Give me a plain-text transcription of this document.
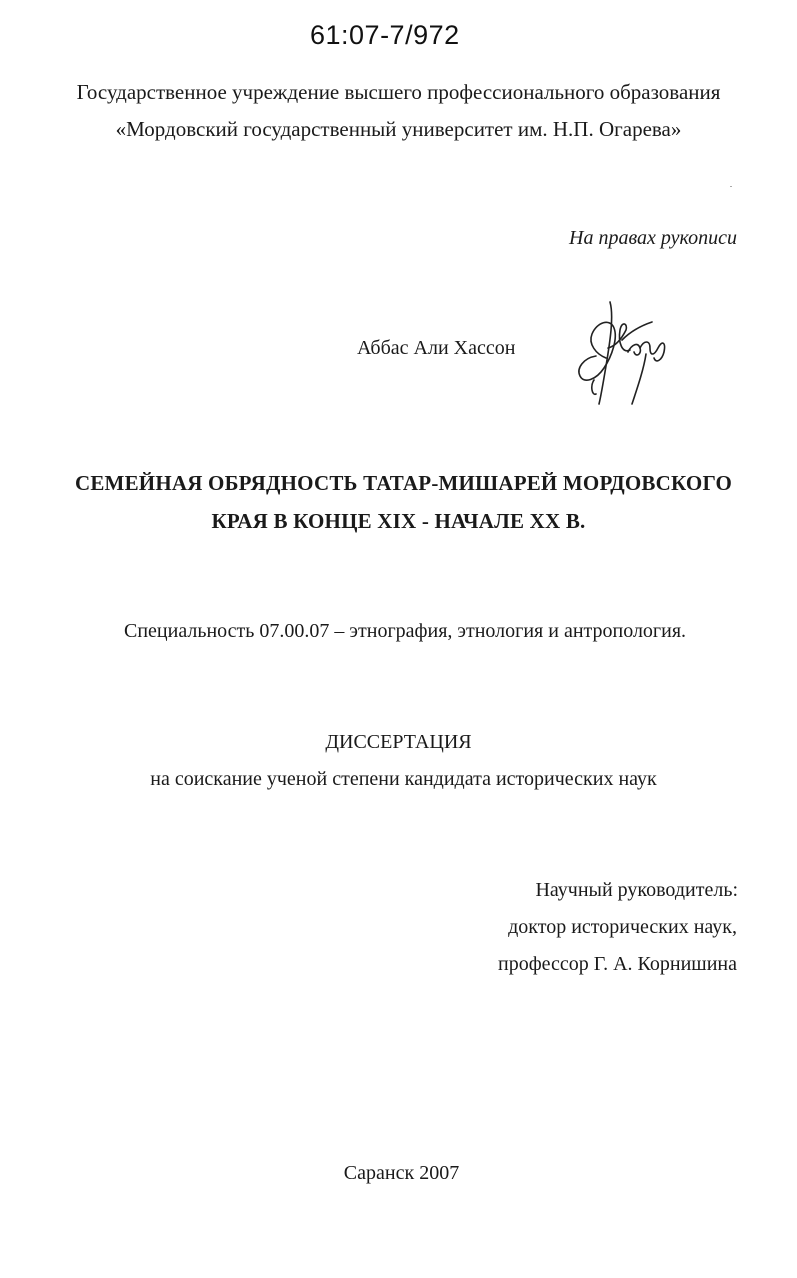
61:07-7/972
Государственное учреждение высшего профессионального образования
«Мордовский государственный университет им. Н.П. Огарева»
На правах рукописи
Аббас Али Хассон
СЕМЕЙНАЯ ОБРЯДНОСТЬ ТАТАР-МИШАРЕЙ МОРДОВСКОГО
КРАЯ В КОНЦЕ XIX - НАЧАЛЕ XX В.
Специальность 07.00.07 – этнография, этнология и антропология.
ДИССЕРТАЦИЯ
на соискание ученой степени кандидата исторических наук
Научный руководитель:
доктор исторических наук,
профессор Г. А. Корнишина
Саранск 2007
